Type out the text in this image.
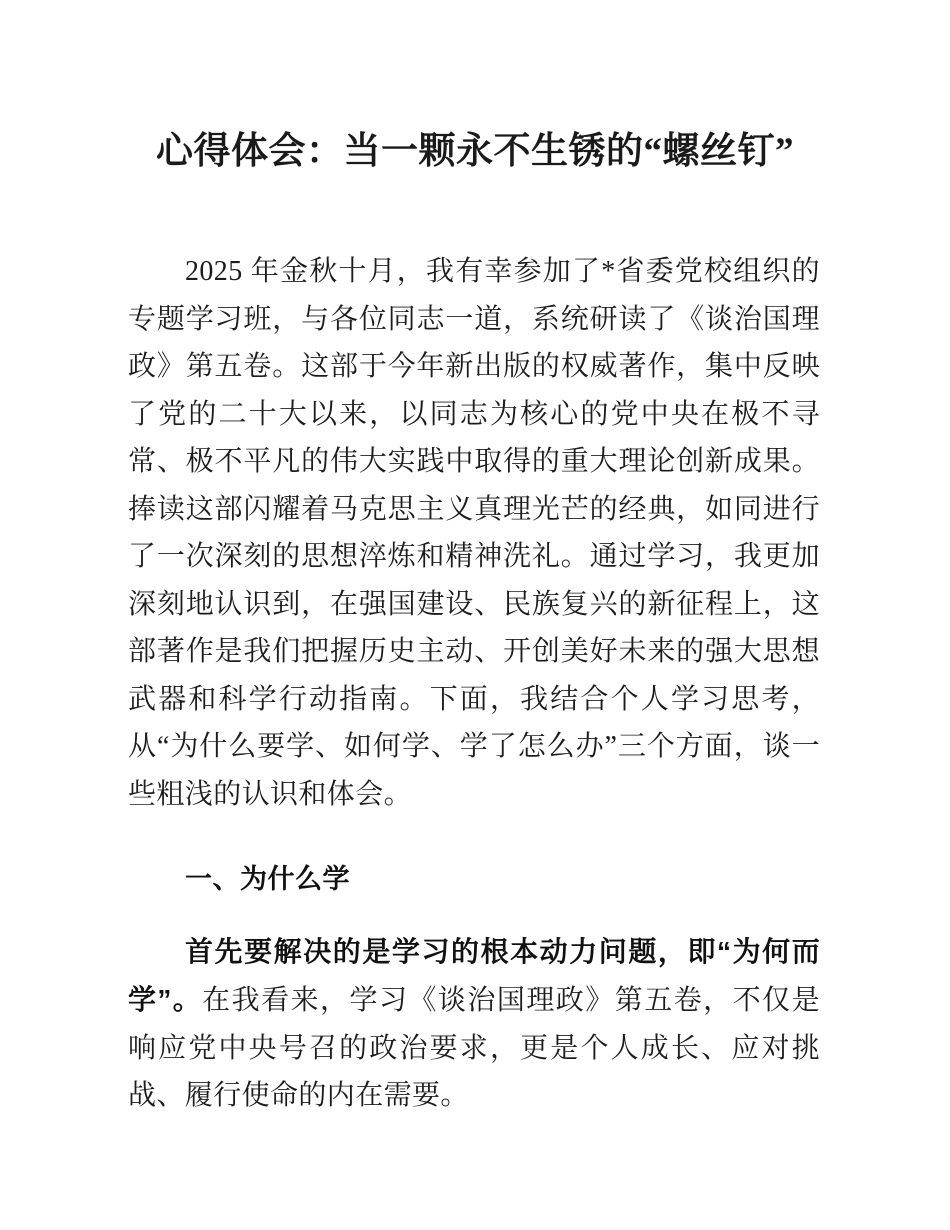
心得体会：当一颗永不生锈的“螺丝钉”

2025 年金秋十月，我有幸参加了*省委党校组织的专题学习班，与各位同志一道，系统研读了《谈治国理政》第五卷。这部于今年新出版的权威著作，集中反映了党的二十大以来，以同志为核心的党中央在极不寻常、极不平凡的伟大实践中取得的重大理论创新成果。捧读这部闪耀着马克思主义真理光芒的经典，如同进行了一次深刻的思想淬炼和精神洗礼。通过学习，我更加深刻地认识到，在强国建设、民族复兴的新征程上，这部著作是我们把握历史主动、开创美好未来的强大思想武器和科学行动指南。下面，我结合个人学习思考，从“为什么要学、如何学、学了怎么办”三个方面，谈一些粗浅的认识和体会。

一、为什么学

首先要解决的是学习的根本动力问题，即“为何而学”。在我看来，学习《谈治国理政》第五卷，不仅是响应党中央号召的政治要求，更是个人成长、应对挑战、履行使命的内在需要。
